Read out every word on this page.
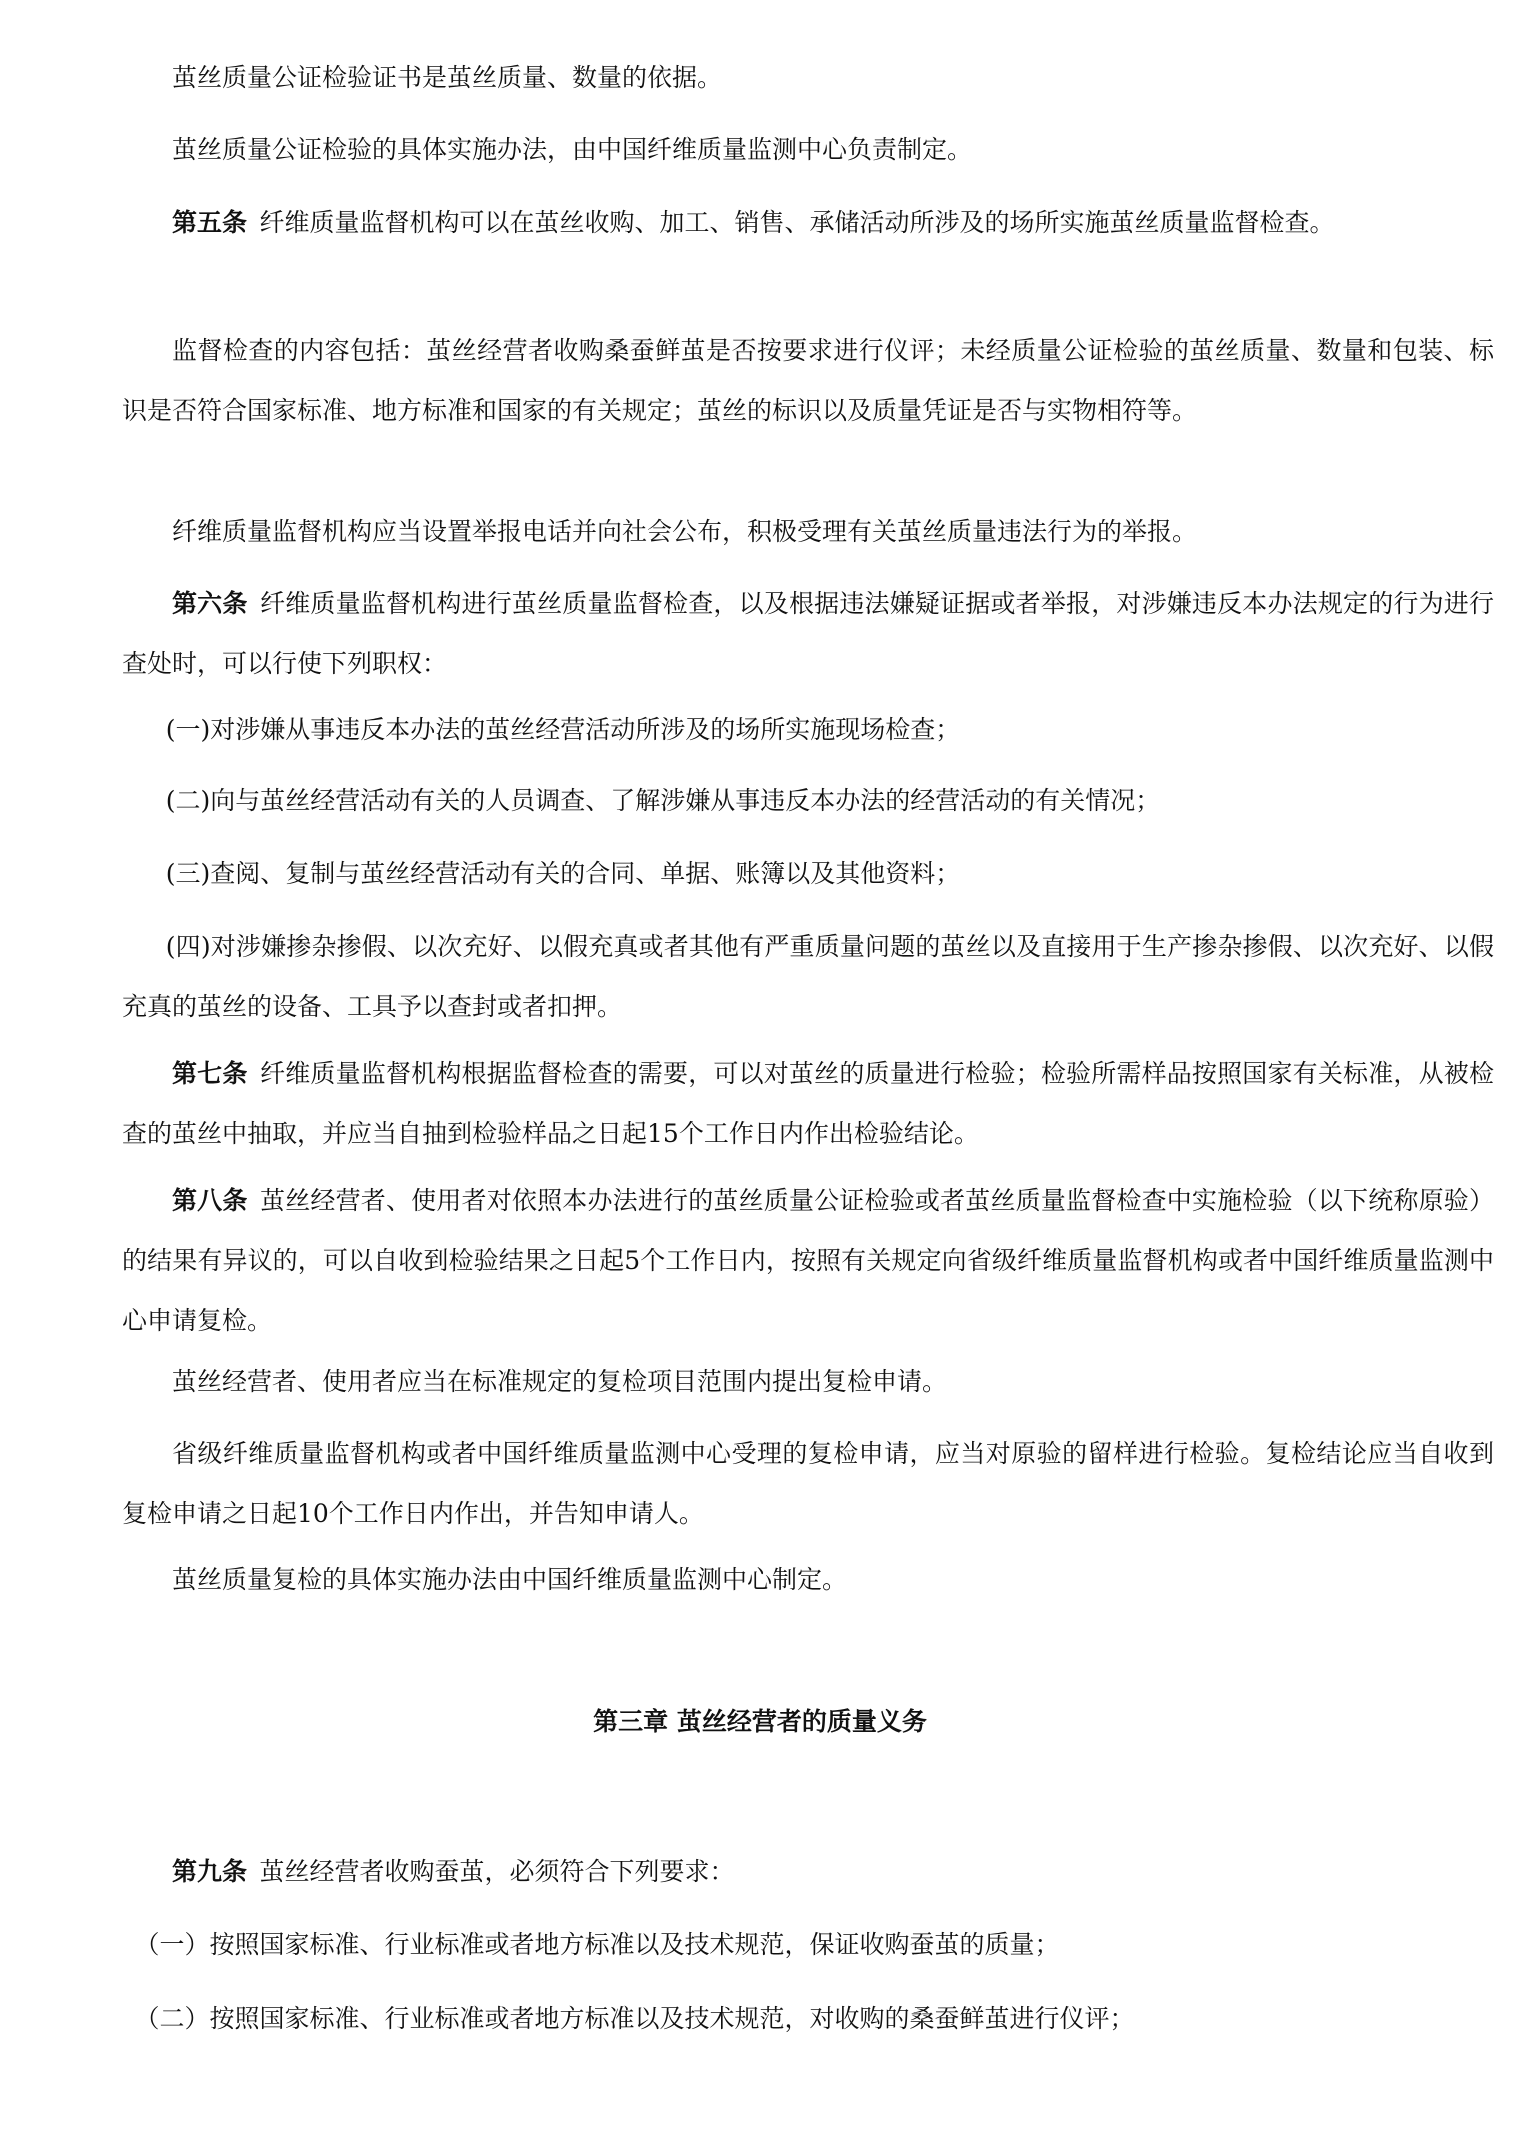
茧丝质量公证检验证书是茧丝质量、数量的依据。

茧丝质量公证检验的具体实施办法，由中国纤维质量监测中心负责制定。

第五条 纤维质量监督机构可以在茧丝收购、加工、销售、承储活动所涉及的场所实施茧丝质量监督检查。

监督检查的内容包括：茧丝经营者收购桑蚕鲜茧是否按要求进行仪评；未经质量公证检验的茧丝质量、数量和包装、标识是否符合国家标准、地方标准和国家的有关规定；茧丝的标识以及质量凭证是否与实物相符等。

纤维质量监督机构应当设置举报电话并向社会公布，积极受理有关茧丝质量违法行为的举报。

第六条 纤维质量监督机构进行茧丝质量监督检查，以及根据违法嫌疑证据或者举报，对涉嫌违反本办法规定的行为进行查处时，可以行使下列职权：

(一)对涉嫌从事违反本办法的茧丝经营活动所涉及的场所实施现场检查；

(二)向与茧丝经营活动有关的人员调查、了解涉嫌从事违反本办法的经营活动的有关情况；

(三)查阅、复制与茧丝经营活动有关的合同、单据、账簿以及其他资料；

(四)对涉嫌掺杂掺假、以次充好、以假充真或者其他有严重质量问题的茧丝以及直接用于生产掺杂掺假、以次充好、以假充真的茧丝的设备、工具予以查封或者扣押。

第七条 纤维质量监督机构根据监督检查的需要，可以对茧丝的质量进行检验；检验所需样品按照国家有关标准，从被检查的茧丝中抽取，并应当自抽到检验样品之日起15个工作日内作出检验结论。

第八条 茧丝经营者、使用者对依照本办法进行的茧丝质量公证检验或者茧丝质量监督检查中实施检验（以下统称原验）的结果有异议的，可以自收到检验结果之日起5个工作日内，按照有关规定向省级纤维质量监督机构或者中国纤维质量监测中心申请复检。

茧丝经营者、使用者应当在标准规定的复检项目范围内提出复检申请。

省级纤维质量监督机构或者中国纤维质量监测中心受理的复检申请，应当对原验的留样进行检验。复检结论应当自收到复检申请之日起10个工作日内作出，并告知申请人。

茧丝质量复检的具体实施办法由中国纤维质量监测中心制定。

第三章 茧丝经营者的质量义务

第九条 茧丝经营者收购蚕茧，必须符合下列要求：

（一）按照国家标准、行业标准或者地方标准以及技术规范，保证收购蚕茧的质量；

（二）按照国家标准、行业标准或者地方标准以及技术规范，对收购的桑蚕鲜茧进行仪评；
